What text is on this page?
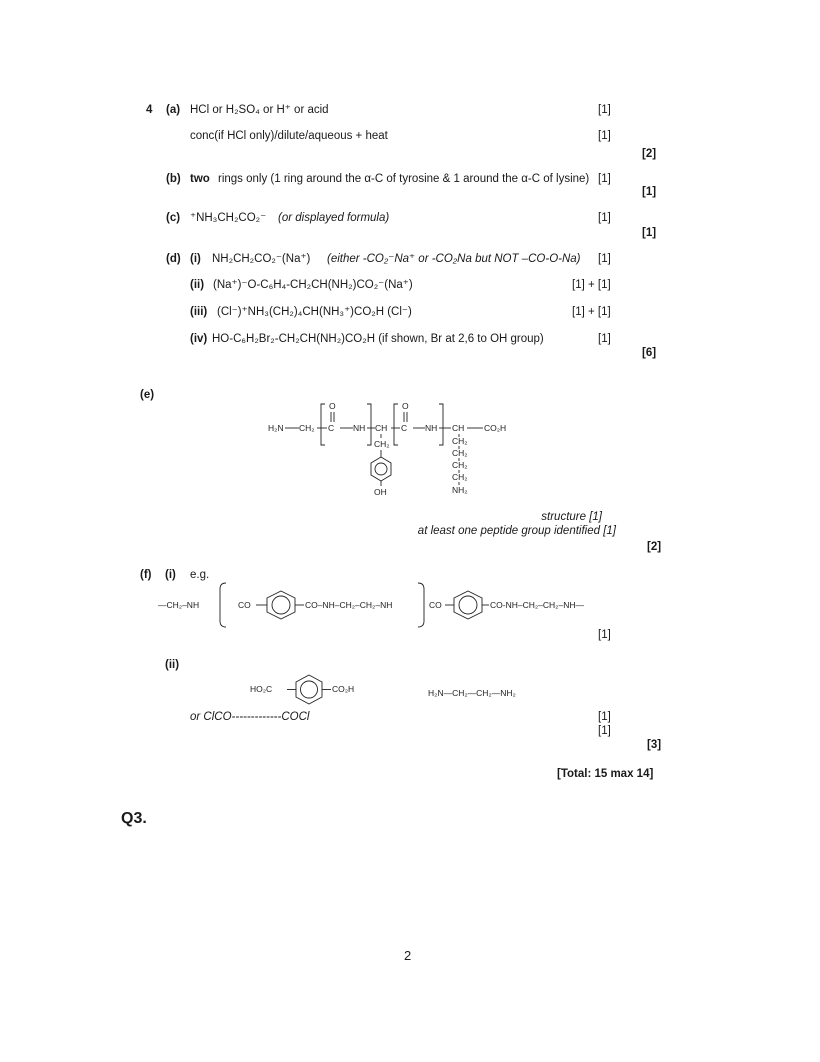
4 (a) HCl or H₂SO₄ or H⁺ or acid	[1]
conc(if HCl only)/dilute/aqueous + heat	[1]
[2]
(b) two rings only (1 ring around the α-C of tyrosine & 1 around the α-C of lysine) [1]
[1]
(c) ⁺NH₃CH₂CO₂⁻ (or displayed formula)	[1]
[1]
(d) (i) NH₂CH₂CO₂⁻(Na⁺) (either -CO₂⁻Na⁺ or -CO₂Na but NOT –CO-O-Na) [1]
(ii) (Na⁺)⁻O-C₆H₄-CH₂CH(NH₂)CO₂⁻(Na⁺)	[1] + [1]
(iii) (Cl⁻)⁺NH₃(CH₂)₄CH(NH₃⁺)CO₂H (Cl⁻)	[1] + [1]
(iv) HO-C₆H₂Br₂-CH₂CH(NH₂)CO₂H (if shown, Br at 2,6 to OH group)	[1]
[6]
(e)
H₂N CH₂
O
C NH CH
CH₂
O
C NH CH CO₂H
OH
CH₂
CH₂
CH₂
CH₂
NH₂
structure [1]
at least one peptide group identified [1]
[2]
(f) (i) e.g.
—CH₂–NH	CO	CO–NH–CH₂–CH₂–NH	CO	CO-NH–CH₂–CH₂–NH—
[1]
(ii)
HO₂C	CO₂H	H₂N—CH₂—CH₂—NH₂
or ClCO-------------COCl	[1]
[1]
[3]
[Total: 15 max 14]
Q3.
2
